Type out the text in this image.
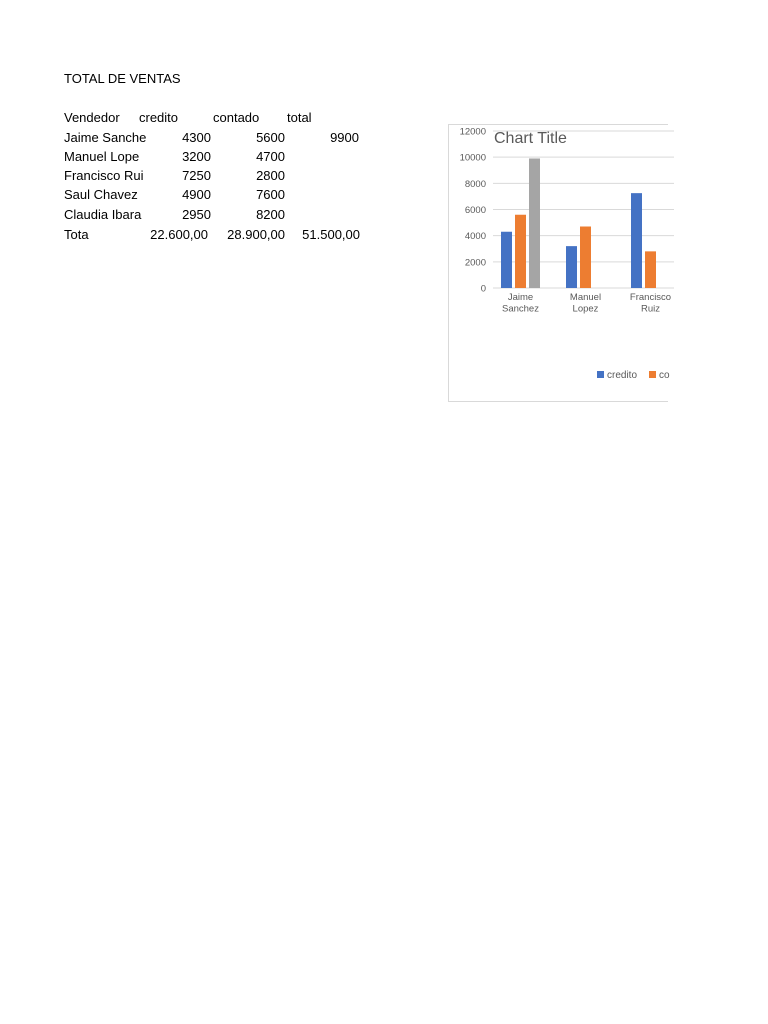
TOTAL DE VENTAS
Vendedor	credito	contado	total
Jaime Sanche	4300	5600	9900
Manuel Lope	3200	4700
Francisco Rui	7250	2800
Saul Chavez	4900	7600
Claudia Ibara	2950	8200
Tota	22.600,00	28.900,00	51.500,00
0
2000
4000
6000
8000
10000
12000
Jaime
Sanchez
Manuel
Lopez
Francisco
Ruiz
Chart Title
credito co
